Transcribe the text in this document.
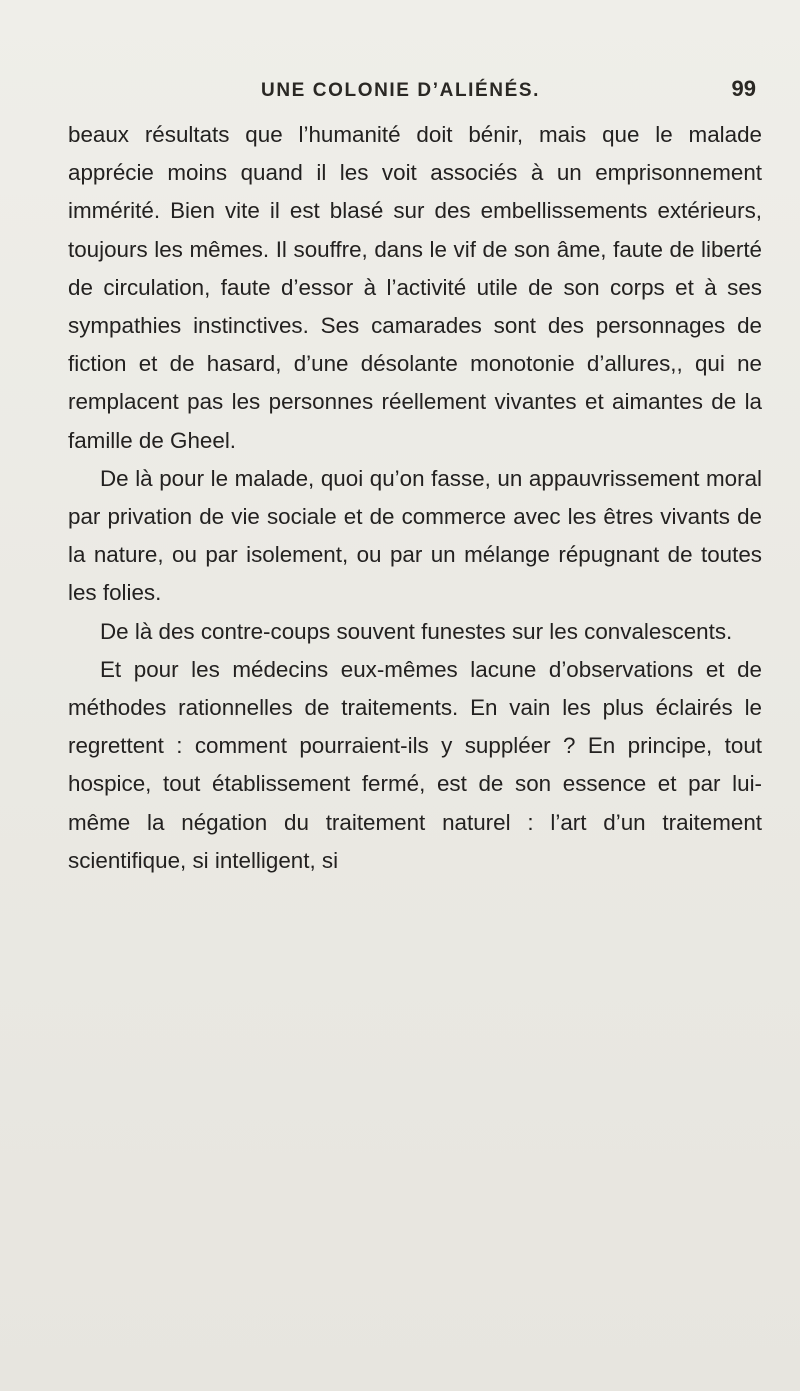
UNE COLONIE D’ALIÉNÉS.	99

beaux résultats que l’humanité doit bénir, mais que le malade apprécie moins quand il les voit associés à un emprisonnement immérité. Bien vite il est blasé sur des embellissements extérieurs, toujours les mêmes. Il souffre, dans le vif de son âme, faute de liberté de circulation, faute d’essor à l’activité utile de son corps et à ses sympathies instinctives. Ses camarades sont des personnages de fiction et de hasard, d’une désolante monotonie d’allures,, qui ne remplacent pas les personnes réellement vivantes et aimantes de la famille de Gheel.

De là pour le malade, quoi qu’on fasse, un appauvrissement moral par privation de vie sociale et de commerce avec les êtres vivants de la nature, ou par isolement, ou par un mélange répugnant de toutes les folies.

De là des contre-coups souvent funestes sur les convalescents.

Et pour les médecins eux-mêmes lacune d’observations et de méthodes rationnelles de traitements. En vain les plus éclairés le regrettent : comment pourraient-ils y suppléer ? En principe, tout hospice, tout établissement fermé, est de son essence et par lui-même la négation du traitement naturel : l’art d’un traitement scientifique, si intelligent, si
